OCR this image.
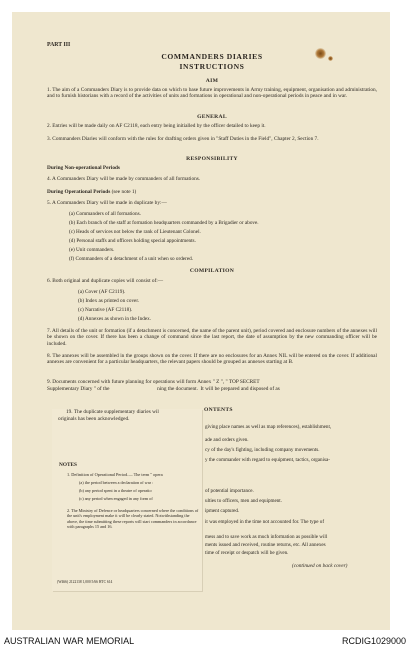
PART III
COMMANDERS DIARIES
INSTRUCTIONS
AIM
1. The aim of a Commanders Diary is to provide data on which to base future improvements in Army training, equipment, organisation and administration, and to furnish historians with a record of the activities of units and formations in operational and non-operational periods in peace and in war.
GENERAL
2. Entries will be made daily on AF C2118, each entry being initialled by the officer detailed to keep it.
3. Commanders Diaries will conform with the rules for drafting orders given in "Staff Duties in the Field", Chapter 2, Section 7.
RESPONSIBILITY
During Non-operational Periods
4. A Commanders Diary will be made by commanders of all formations.
During Operational Periods (see note 1)
5. A Commanders Diary will be made in duplicate by:—
(a) Commanders of all formations.
(b) Each branch of the staff at formation headquarters commanded by a Brigadier or above.
(c) Heads of services not below the rank of Lieutenant Colonel.
(d) Personal staffs and officers holding special appointments.
(e) Unit commanders.
(f) Commanders of a detachment of a unit when so ordered.
COMPILATION
6. Both original and duplicate copies will consist of:—
(a) Cover (AF C2119).
(b) Index as printed on cover.
(c) Narrative (AF C2118).
(d) Annexes as shown in the Index.
7. All details of the unit or formation (if a detachment is concerned, the name of the parent unit), period covered and enclosure numbers of the annexes will be shown on the cover. If there has been a change of command since the last report, the date of assumption by the new commanding officer will be included.
8. The annexes will be assembled in the groups shown on the cover. If there are no enclosures for an Annex NIL will be entered on the cover. If additional annexes are convenient for a particular headquarters, the relevant papers should be grouped as annexes starting at B.
9. Documents concerned with future planning for operations will form Annex " Z ", " TOP SECRET
Supplementary Diary " of the                                    ning the document.  It will be prepared and disposed of as
ONTENTS
giving place names as well as map references), establishment,
ade and orders given.
cy of the day's fighting, including company movements.
y the commander with regard to equipment, tactics, organisa-
of potential importance.
ulties to officers, men and equipment.
ipment captured.
it was employed in the time not accounted for. The type of
mess and to save work as much information as possible will
ments issued and received, routine returns, etc. All annexes
time of receipt or despatch will be given.
(continued on back cover)
19. The duplicate supplementary diaries wil
originals has been acknowledged.
NOTES
1. Definition of Operational Period.— The term " opera
(a) the period between a declaration of war :
(b) any period spent in a theatre of operatio
(c) any period when engaged in any form of
2. The Ministry of Defence or headquarters concerned where the conditions of the unit's employment make it will be clearly stated. Notwithstanding the above, the time submitting these reports will start commanders in accordance with paragraphs 15 and 16.
(W466) 2122138 1,000 5/66 HTC 614
AUSTRALIAN WAR MEMORIAL	RCDIG1029000
